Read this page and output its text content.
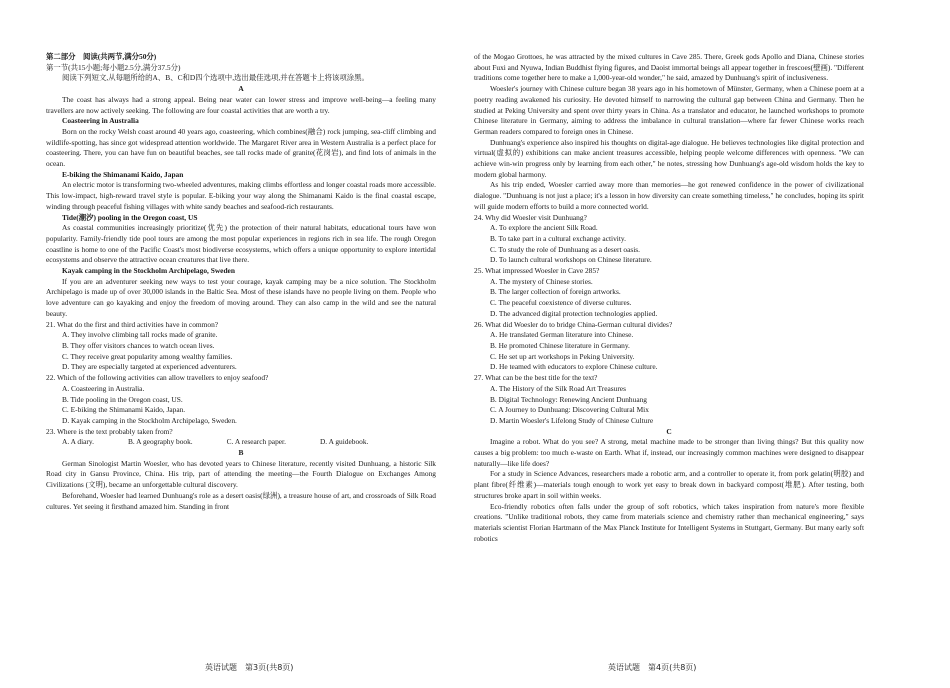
第二部分　阅读(共两节,满分50分)

第一节(共15小题;每小题2.5分,满分37.5分)

阅读下列短文,从每题所给的A、B、C和D四个选项中,选出最佳选项,并在答题卡上将该项涂黑。

A

The coast has always had a strong appeal. Being near water can lower stress and improve well-being—a feeling many travellers are now actively seeking. The following are four coastal activities that are worth a try.

Coasteering in Australia

Born on the rocky Welsh coast around 40 years ago, coasteering, which combines(融合) rock jumping, sea-cliff climbing and wildlife-spotting, has since got widespread attention worldwide. The Margaret River area in Western Australia is a perfect place for coasteering. There, you can have fun on beautiful beaches, see tall rocks made of granite(花岗岩), and find lots of animals in the ocean.

E-biking the Shimanami Kaido, Japan

An electric motor is transforming two-wheeled adventures, making climbs effortless and longer coastal roads more accessible. This low-impact, high-reward travel style is popular. E-biking your way along the Shimanami Kaido is the final coastal escape, winding through peaceful fishing villages with white sandy beaches and seafood-rich restaurants.

Tide(潮汐) pooling in the Oregon coast, US

As coastal communities increasingly prioritize(优先) the protection of their natural habitats, educational tours have won popularity. Family-friendly tide pool tours are among the most popular experiences in regions rich in sea life. The rough Oregon coastline is home to one of the Pacific Coast's most biodiverse ecosystems, which offers a unique opportunity to explore intertidal ecosystems and observe the attractive ocean creatures that live there.

Kayak camping in the Stockholm Archipelago, Sweden

If you are an adventurer seeking new ways to test your courage, kayak camping may be a nice solution. The Stockholm Archipelago is made up of over 30,000 islands in the Baltic Sea. Most of these islands have no people living on them. People who love adventure can go kayaking and enjoy the freedom of moving around. They can also camp in the wild and see the natural beauty.

21. What do the first and third activities have in common?

A. They involve climbing tall rocks made of granite.

B. They offer visitors chances to watch ocean lives.

C. They receive great popularity among wealthy families.

D. They are especially targeted at experienced adventurers.

22. Which of the following activities can allow travellers to enjoy seafood?

A. Coasteering in Australia.

B. Tide pooling in the Oregon coast, US.

C. E-biking the Shimanami Kaido, Japan.

D. Kayak camping in the Stockholm Archipelago, Sweden.

23. Where is the text probably taken from?

A. A diary.	B. A geography book.	C. A research paper.	D. A guidebook.

B

German Sinologist Martin Woesler, who has devoted years to Chinese literature, recently visited Dunhuang, a historic Silk Road city in Gansu Province, China. His trip, part of attending the meeting—the Fourth Dialogue on Exchanges Among Civilizations (文明), became an unforgettable cultural discovery.

Beforehand, Woesler had learned Dunhuang's role as a desert oasis(绿洲), a treasure house of art, and crossroads of Silk Road cultures. Yet seeing it firsthand amazed him. Standing in front

of the Mogao Grottoes, he was attracted by the mixed cultures in Cave 285. There, Greek gods Apollo and Diana, Chinese stories about Fuxi and Nyuwa, Indian Buddhist flying figures, and Daoist immortal beings all appear together in frescoes(壁画). "Different traditions come together here to make a 1,000-year-old wonder," he said, amazed by Dunhuang's spirit of inclusiveness.

Woesler's journey with Chinese culture began 38 years ago in his hometown of Münster, Germany, when a Chinese poem at a poetry reading awakened his curiosity. He devoted himself to narrowing the cultural gap between China and Germany. Then he studied at Peking University and spent over thirty years in China. As a translator and educator, he launched workshops to promote Chinese literature in Germany, aiming to address the imbalance in cultural translation—where far fewer Chinese works reach German readers compared to foreign ones in Chinese.

Dunhuang's experience also inspired his thoughts on digital-age dialogue. He believes technologies like digital protection and virtual(虚拟的) exhibitions can make ancient treasures accessible, helping people welcome differences with openness. "We can achieve win-win progress only by learning from each other," he notes, stressing how Dunhuang's age-old wisdom holds the key to modern global harmony.

As his trip ended, Woesler carried away more than memories—he got renewed confidence in the power of civilizational dialogue. "Dunhuang is not just a place; it's a lesson in how diversity can create something timeless," he concludes, hoping its spirit will guide modern efforts to build a more connected world.

24. Why did Woesler visit Dunhuang?

A. To explore the ancient Silk Road.

B. To take part in a cultural exchange activity.

C. To study the role of Dunhuang as a desert oasis.

D. To launch cultural workshops on Chinese literature.

25. What impressed Woesler in Cave 285?

A. The mystery of Chinese stories.

B. The larger collection of foreign artworks.

C. The peaceful coexistence of diverse cultures.

D. The advanced digital protection technologies applied.

26. What did Woesler do to bridge China-German cultural divides?

A. He translated German literature into Chinese.

B. He promoted Chinese literature in Germany.

C. He set up art workshops in Peking University.

D. He teamed with educators to explore Chinese culture.

27. What can be the best title for the text?

A. The History of the Silk Road Art Treasures

B. Digital Technology: Renewing Ancient Dunhuang

C. A Journey to Dunhuang: Discovering Cultural Mix

D. Martin Woesler's Lifelong Study of Chinese Culture

C

Imagine a robot. What do you see? A strong, metal machine made to be stronger than living things? But this quality now causes a big problem: too much e-waste on Earth. What if, instead, our increasingly common machines were designed to disappear naturally—like life does?

For a study in Science Advances, researchers made a robotic arm, and a controller to operate it, from pork gelatin(明胶) and plant fibre(纤维素)—materials tough enough to work yet easy to break down in backyard compost(堆肥). After testing, both structures broke apart in soil within weeks.

Eco-friendly robotics often falls under the group of soft robotics, which takes inspiration from nature's more flexible creations. "Unlike traditional robots, they came from materials science and chemistry rather than mechanical engineering," says materials scientist Florian Hartmann of the Max Planck Institute for Intelligent Systems in Stuttgart, Germany. But many early soft robotics

英语试题　第3页(共8页)	英语试题　第4页(共8页)
